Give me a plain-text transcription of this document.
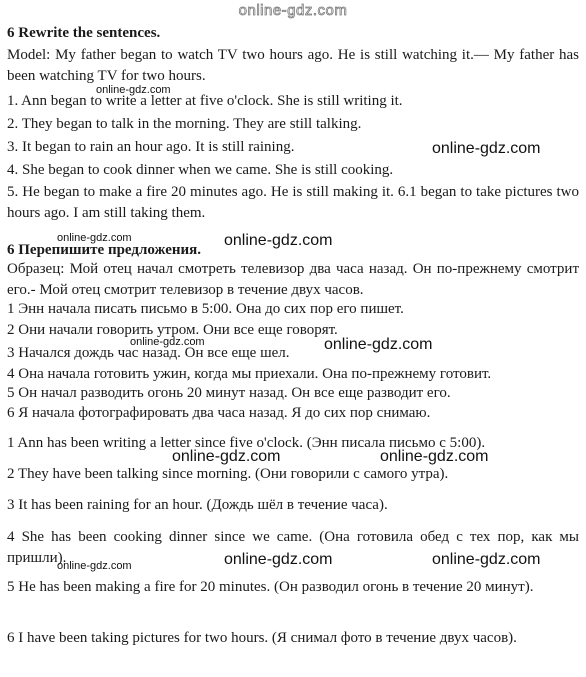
online-gdz.com
6 Rewrite the sentences.
Model: My father began to watch TV two hours ago. He is still watching it.— My father has been watching TV for two hours.
1. Ann began to write a letter at five o'clock. She is still writing it.
2. They began to talk in the morning. They are still talking.
3. It began to rain an hour ago. It is still raining.
4. She began to cook dinner when we came. She is still cooking.
5. He began to make a fire 20 minutes ago. He is still making it. 6.1 began to take pictures two hours ago. I am still taking them.
6 Перепишите предложения.
Образец: Мой отец начал смотреть телевизор два часа назад. Он по-прежнему смотрит его.- Мой отец смотрит телевизор в течение двух часов.
1 Энн начала писать письмо в 5:00. Она до сих пор его пишет.
2 Они начали говорить утром. Они все еще говорят.
3 Начался дождь час назад. Он все еще шел.
4 Она начала готовить ужин, когда мы приехали. Она по-прежнему готовит.
5 Он начал разводить огонь 20 минут назад. Он все еще разводит его.
6 Я начала фотографировать два часа назад. Я до сих пор снимаю.
1 Ann has been writing a letter since five o'clock. (Энн писала письмо с 5:00).
2 They have been talking since morning. (Они говорили с самого утра).
3 It has been raining for an hour. (Дождь шёл в течение часа).
4 She has been cooking dinner since we came. (Она готовила обед с тех пор, как мы пришли).
5 He has been making a fire for 20 minutes. (Он разводил огонь в течение 20 минут).
6 I have been taking pictures for two hours. (Я снимал фото в течение двух часов).
online-gdz.com
online-gdz.com
online-gdz.com	online-gdz.com
online-gdz.com	online-gdz.com
online-gdz.com	online-gdz.com
online-gdz.com	online-gdz.com
online-gdz.com
